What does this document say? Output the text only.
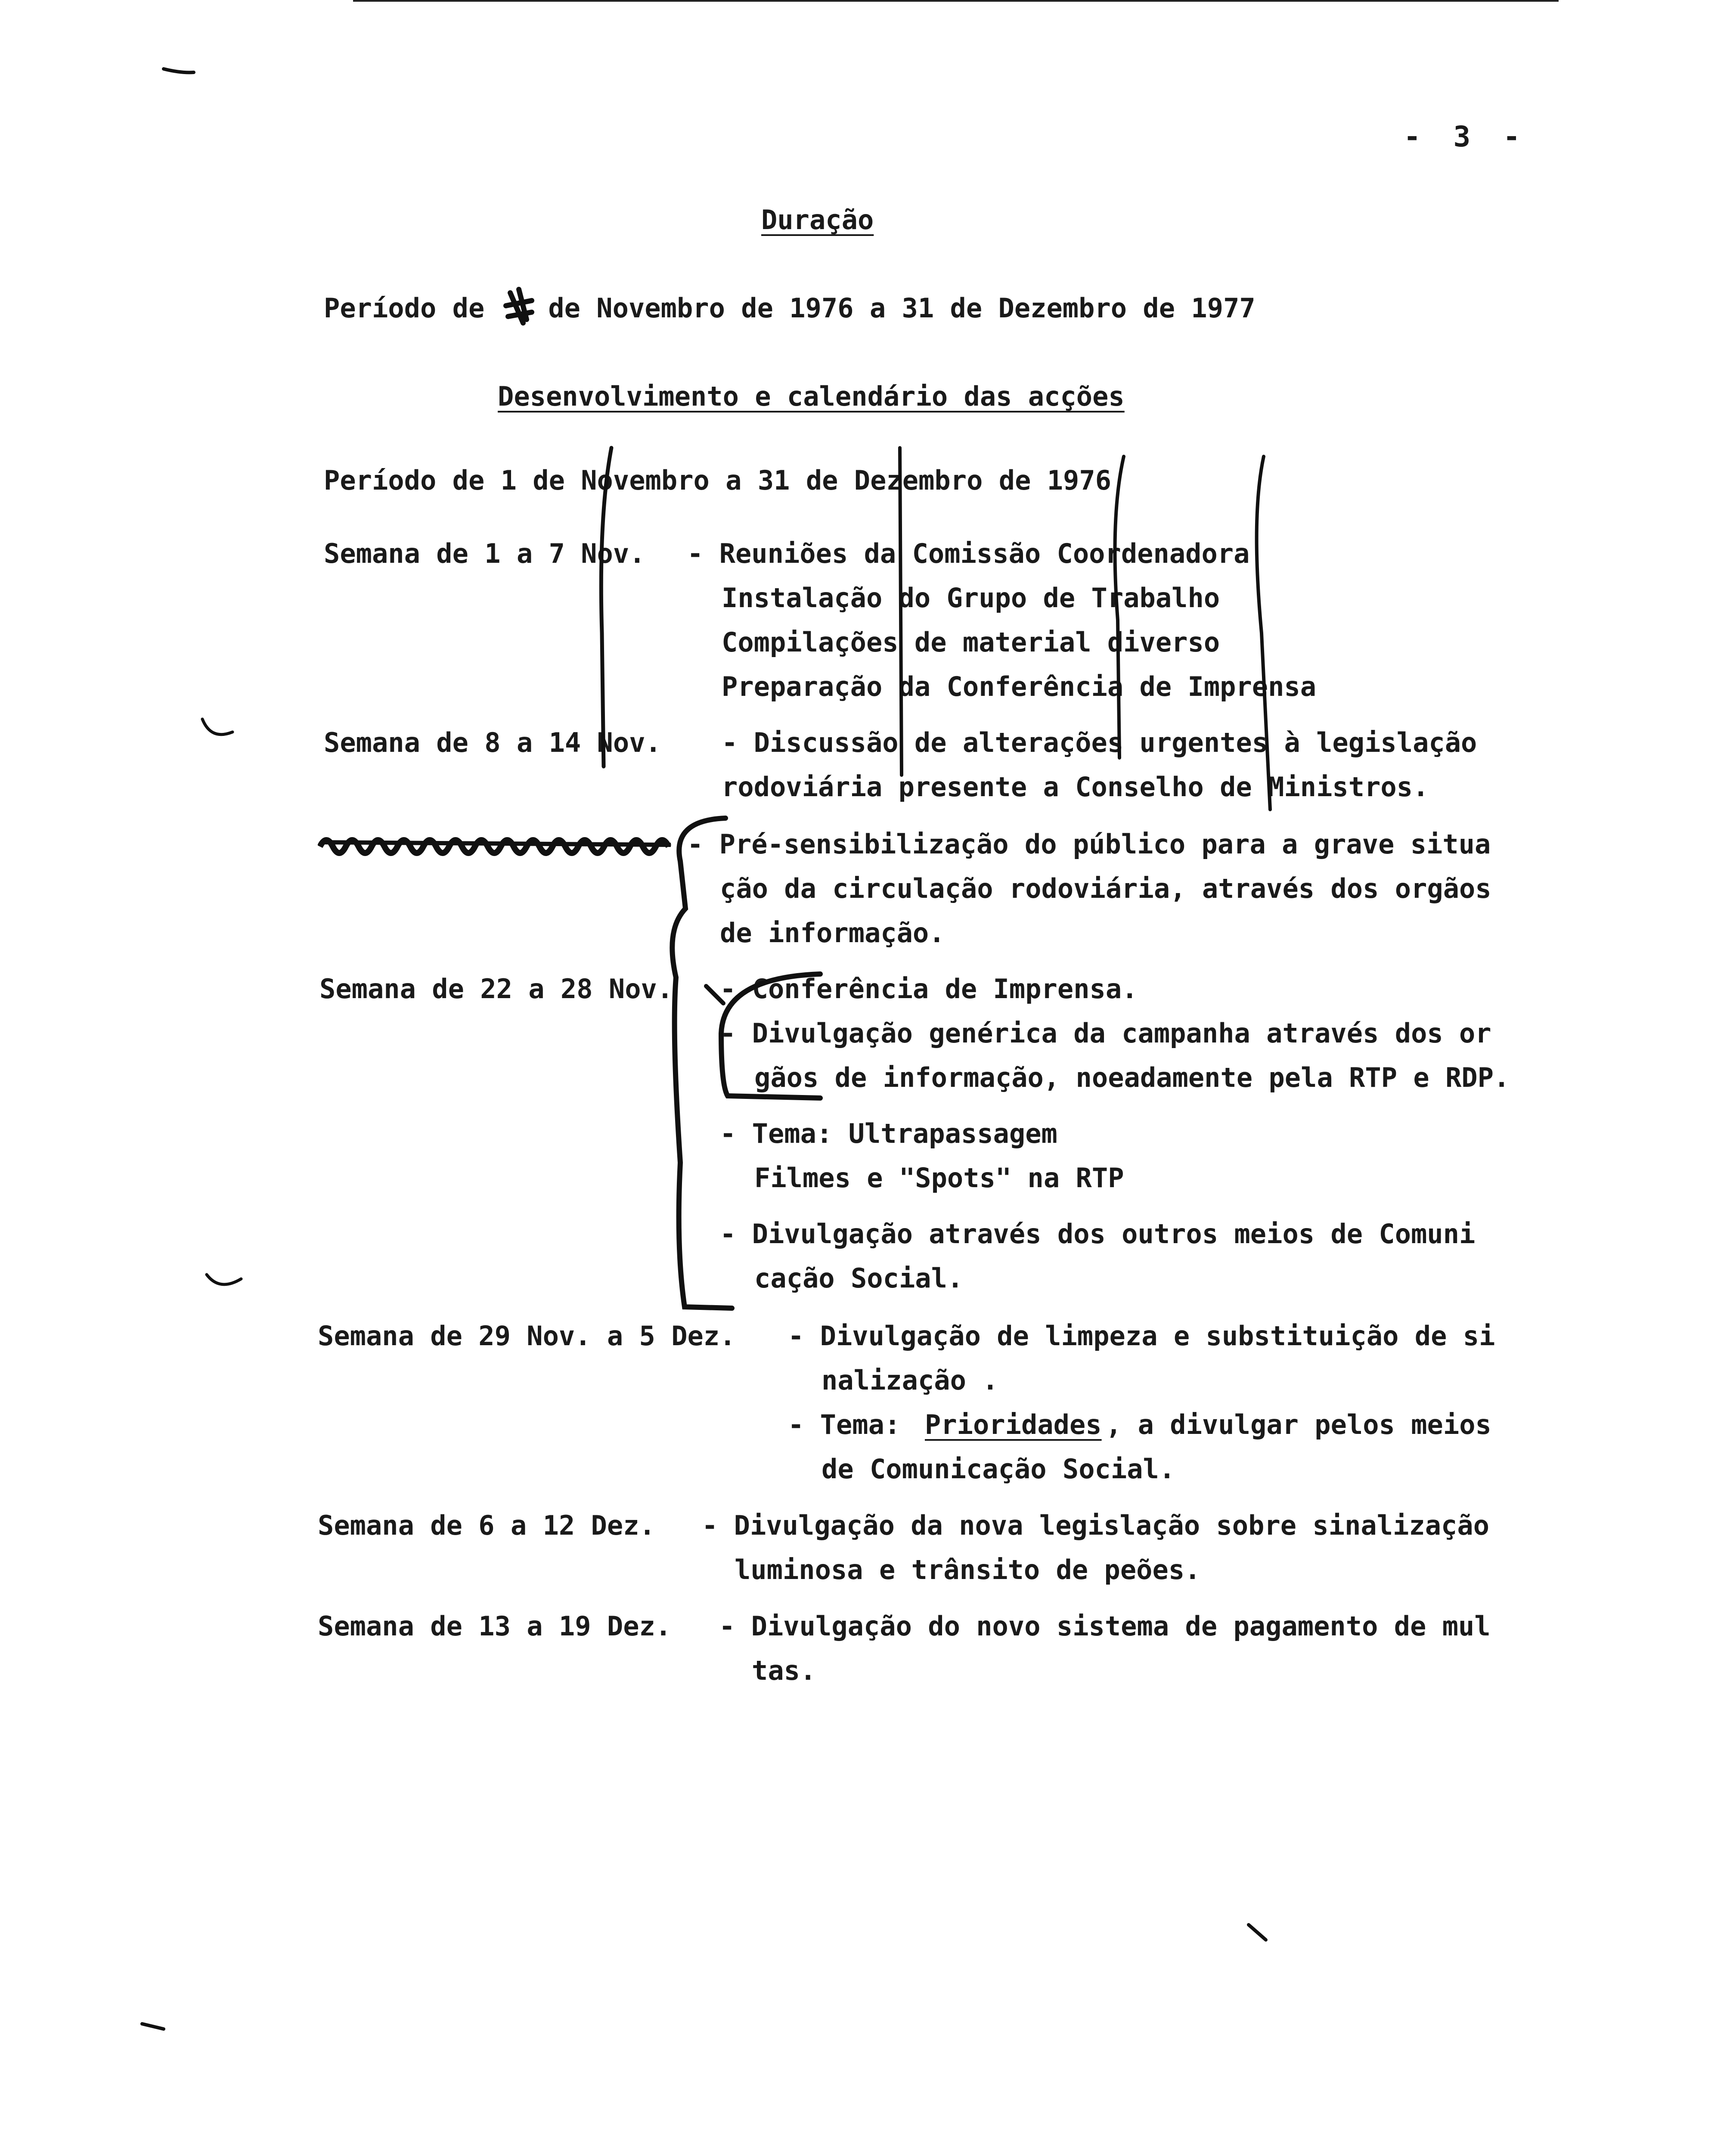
- 3 -
Duração
Período de de Novembro de 1976 a 31 de Dezembro de 1977
Desenvolvimento e calendário das acções
Período de 1 de Novembro a 31 de Dezembro de 1976
Semana de 1 a 7 Nov. - Reuniões da Comissão Coordenadora
Instalação do Grupo de Trabalho
Compilações de material diverso
Preparação da Conferência de Imprensa
Semana de 8 a 14 Nov. - Discussão de alterações urgentes à legislação
rodoviária presente a Conselho de Ministros.
- Pré-sensibilização do público para a grave situa
ção da circulação rodoviária, através dos orgãos
de informação.
Semana de 22 a 28 Nov. - Conferência de Imprensa.
- Divulgação genérica da campanha através dos or
gãos de informação, noeadamente pela RTP e RDP.
- Tema: Ultrapassagem
Filmes e "Spots" na RTP
- Divulgação através dos outros meios de Comuni
cação Social.
Semana de 29 Nov. a 5 Dez. - Divulgação de limpeza e substituição de si
nalização .
- Tema: Prioridades , a divulgar pelos meios
de Comunicação Social.
Semana de 6 a 12 Dez. - Divulgação da nova legislação sobre sinalização
luminosa e trânsito de peões.
Semana de 13 a 19 Dez. - Divulgação do novo sistema de pagamento de mul
tas.
